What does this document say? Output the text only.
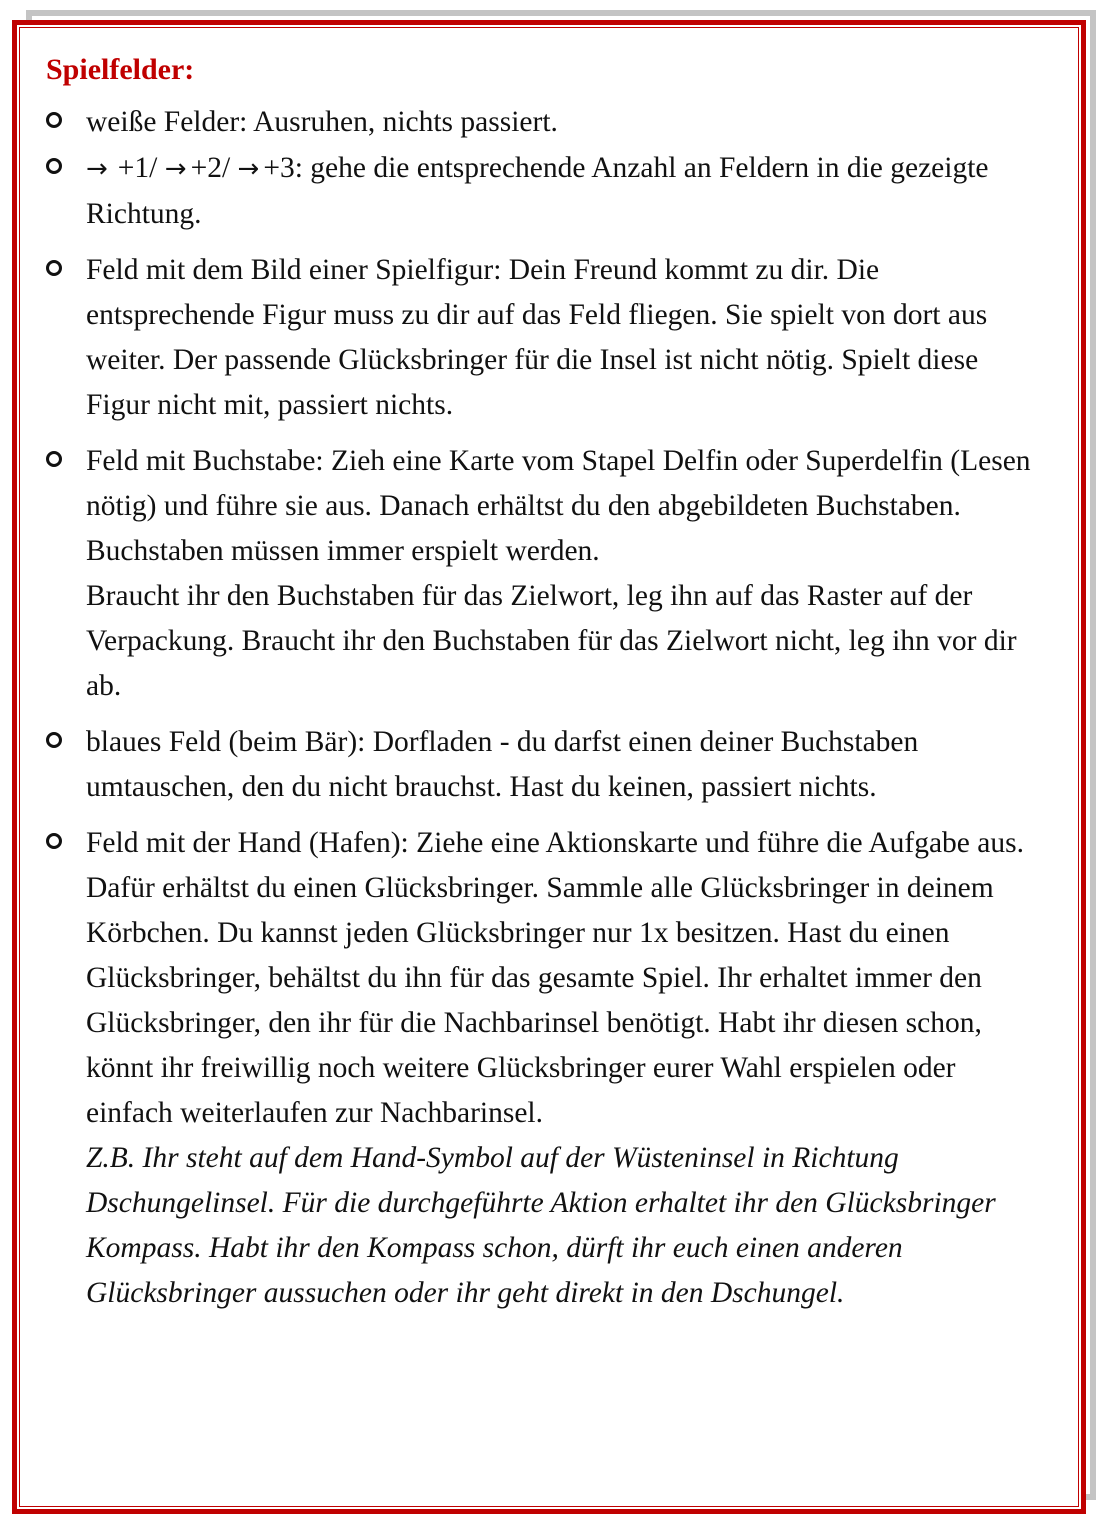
Spielfelder:
weiße Felder: Ausruhen, nichts passiert.
→ +1/ → +2/ → +3: gehe die entsprechende Anzahl an Feldern in die gezeigte Richtung.
Feld mit dem Bild einer Spielfigur: Dein Freund kommt zu dir. Die entsprechende Figur muss zu dir auf das Feld fliegen. Sie spielt von dort aus weiter. Der passende Glücksbringer für die Insel ist nicht nötig. Spielt diese Figur nicht mit, passiert nichts.
Feld mit Buchstabe: Zieh eine Karte vom Stapel Delfin oder Superdelfin (Lesen nötig) und führe sie aus. Danach erhältst du den abgebildeten Buchstaben. Buchstaben müssen immer erspielt werden.
Braucht ihr den Buchstaben für das Zielwort, leg ihn auf das Raster auf der Verpackung. Braucht ihr den Buchstaben für das Zielwort nicht, leg ihn vor dir ab.
blaues Feld (beim Bär): Dorfladen - du darfst einen deiner Buchstaben umtauschen, den du nicht brauchst. Hast du keinen, passiert nichts.
Feld mit der Hand (Hafen): Ziehe eine Aktionskarte und führe die Aufgabe aus. Dafür erhältst du einen Glücksbringer. Sammle alle Glücksbringer in deinem Körbchen. Du kannst jeden Glücksbringer nur 1x besitzen. Hast du einen Glücksbringer, behältst du ihn für das gesamte Spiel. Ihr erhaltet immer den Glücksbringer, den ihr für die Nachbarinsel benötigt. Habt ihr diesen schon, könnt ihr freiwillig noch weitere Glücksbringer eurer Wahl erspielen oder einfach weiterlaufen zur Nachbarinsel.
Z.B. Ihr steht auf dem Hand-Symbol auf der Wüsteninsel in Richtung Dschungelinsel. Für die durchgeführte Aktion erhaltet ihr den Glücksbringer Kompass. Habt ihr den Kompass schon, dürft ihr euch einen anderen Glücksbringer aussuchen oder ihr geht direkt in den Dschungel.
